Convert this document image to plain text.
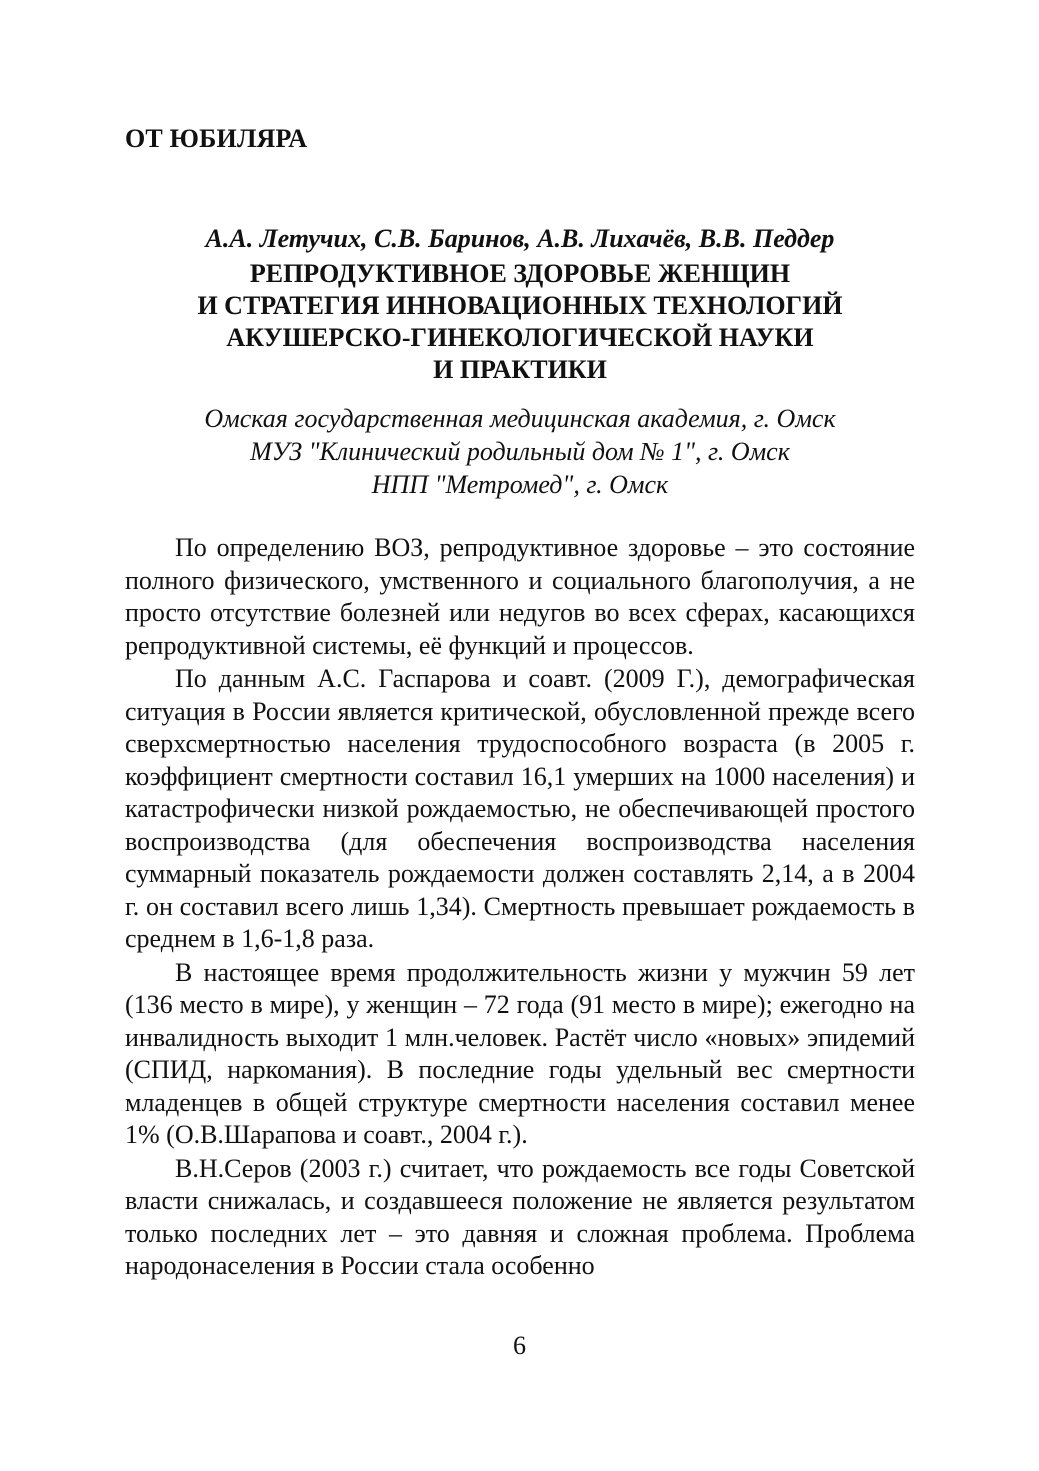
ОТ ЮБИЛЯРА
А.А. Летучих, С.В. Баринов, А.В. Лихачёв, В.В. Педдер
РЕПРОДУКТИВНОЕ ЗДОРОВЬЕ ЖЕНЩИН
И СТРАТЕГИЯ ИННОВАЦИОННЫХ ТЕХНОЛОГИЙ
АКУШЕРСКО-ГИНЕКОЛОГИЧЕСКОЙ НАУКИ
И ПРАКТИКИ
Омская государственная медицинская академия, г. Омск
МУЗ "Клинический родильный дом № 1", г. Омск
НПП "Метромед", г. Омск

По определению ВОЗ, репродуктивное здоровье – это состояние полного физического, умственного и социального благополучия, а не просто отсутствие болезней или недугов во всех сферах, касающихся репродуктивной системы, её функций и процессов.

По данным А.С. Гаспарова и соавт. (2009 Г.), демографическая ситуация в России является критической, обусловленной прежде всего сверхсмертностью населения трудоспособного возраста (в 2005 г. коэффициент смертности составил 16,1 умерших на 1000 населения) и катастрофически низкой рождаемостью, не обеспечивающей простого воспроизводства (для обеспечения воспроизводства населения суммарный показатель рождаемости должен составлять 2,14, а в 2004 г. он составил всего лишь 1,34). Смертность превышает рождаемость в среднем в 1,6-1,8 раза.

В настоящее время продолжительность жизни у мужчин 59 лет (136 место в мире), у женщин – 72 года (91 место в мире); ежегодно на инвалидность выходит 1 млн.человек. Растёт число «новых» эпидемий (СПИД, наркомания). В последние годы удельный вес смертности младенцев в общей структуре смертности населения составил менее 1% (О.В.Шарапова и соавт., 2004 г.).

В.Н.Серов (2003 г.) считает, что рождаемость все годы Советской власти снижалась, и создавшееся положение не является результатом только последних лет – это давняя и сложная проблема. Проблема народонаселения в России стала особенно

6
